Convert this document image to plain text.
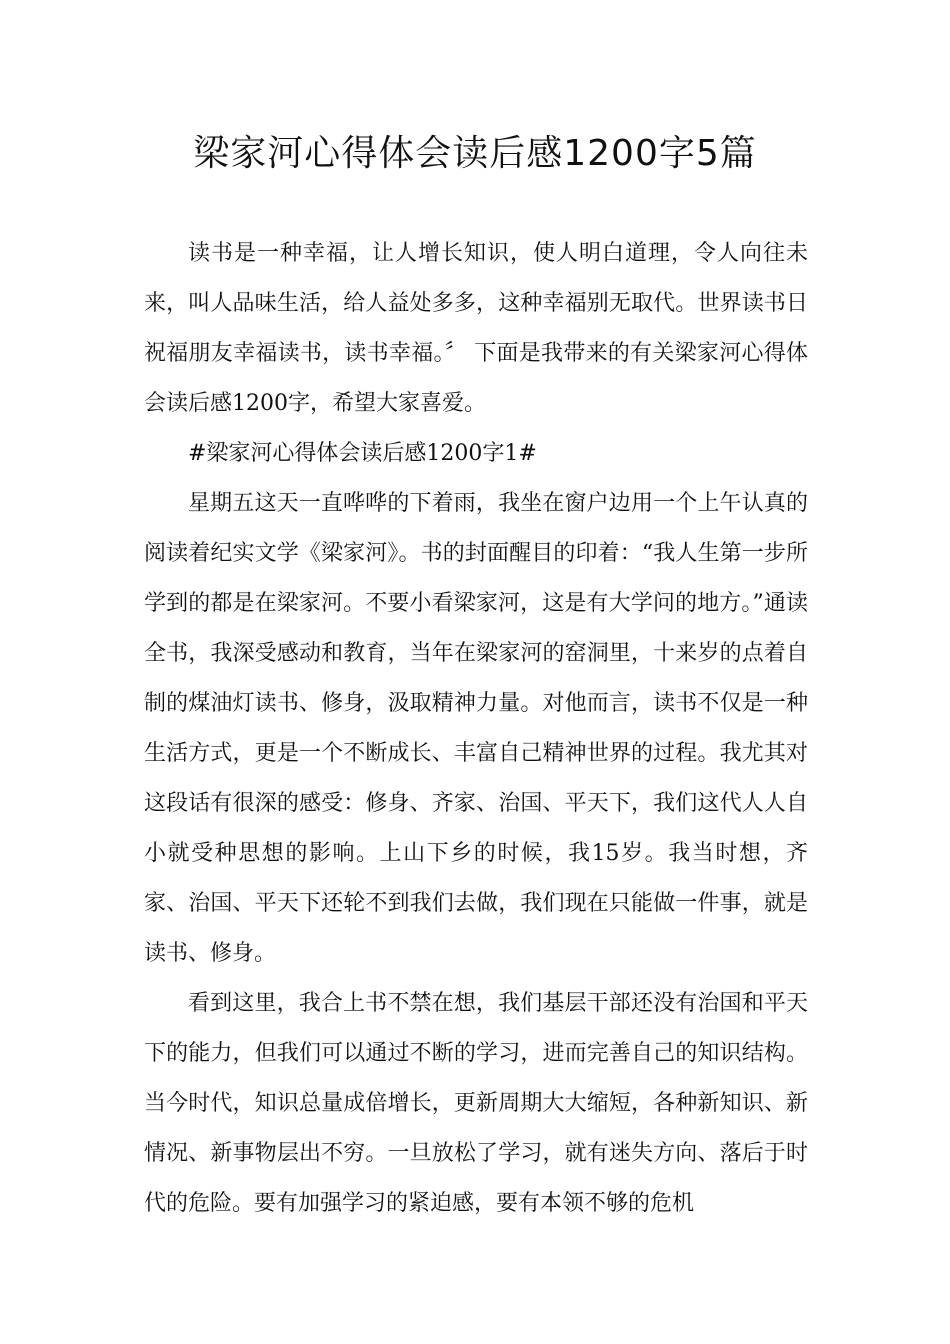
梁家河心得体会读后感1200字5篇

读书是一种幸福，让人增长知识，使人明白道理，令人向往未来，叫人品味生活，给人益处多多，这种幸福别无取代。世界读书日祝福朋友幸福读书，读书幸福。〞 下面是我带来的有关梁家河心得体会读后感1200字，希望大家喜爱。

#梁家河心得体会读后感1200字1#

星期五这天一直哗哗的下着雨，我坐在窗户边用一个上午认真的阅读着纪实文学《梁家河》。书的封面醒目的印着：“我人生第一步所学到的都是在梁家河。不要小看梁家河，这是有大学问的地方。”通读全书，我深受感动和教育，当年在梁家河的窑洞里，十来岁的点着自制的煤油灯读书、修身，汲取精神力量。对他而言，读书不仅是一种生活方式，更是一个不断成长、丰富自己精神世界的过程。我尤其对这段话有很深的感受：修身、齐家、治国、平天下，我们这代人人自小就受种思想的影响。上山下乡的时候，我15岁。我当时想，齐家、治国、平天下还轮不到我们去做，我们现在只能做一件事，就是读书、修身。

看到这里，我合上书不禁在想，我们基层干部还没有治国和平天下的能力，但我们可以通过不断的学习，进而完善自己的知识结构。当今时代，知识总量成倍增长，更新周期大大缩短，各种新知识、新情况、新事物层出不穷。一旦放松了学习，就有迷失方向、落后于时代的危险。要有加强学习的紧迫感，要有本领不够的危机
